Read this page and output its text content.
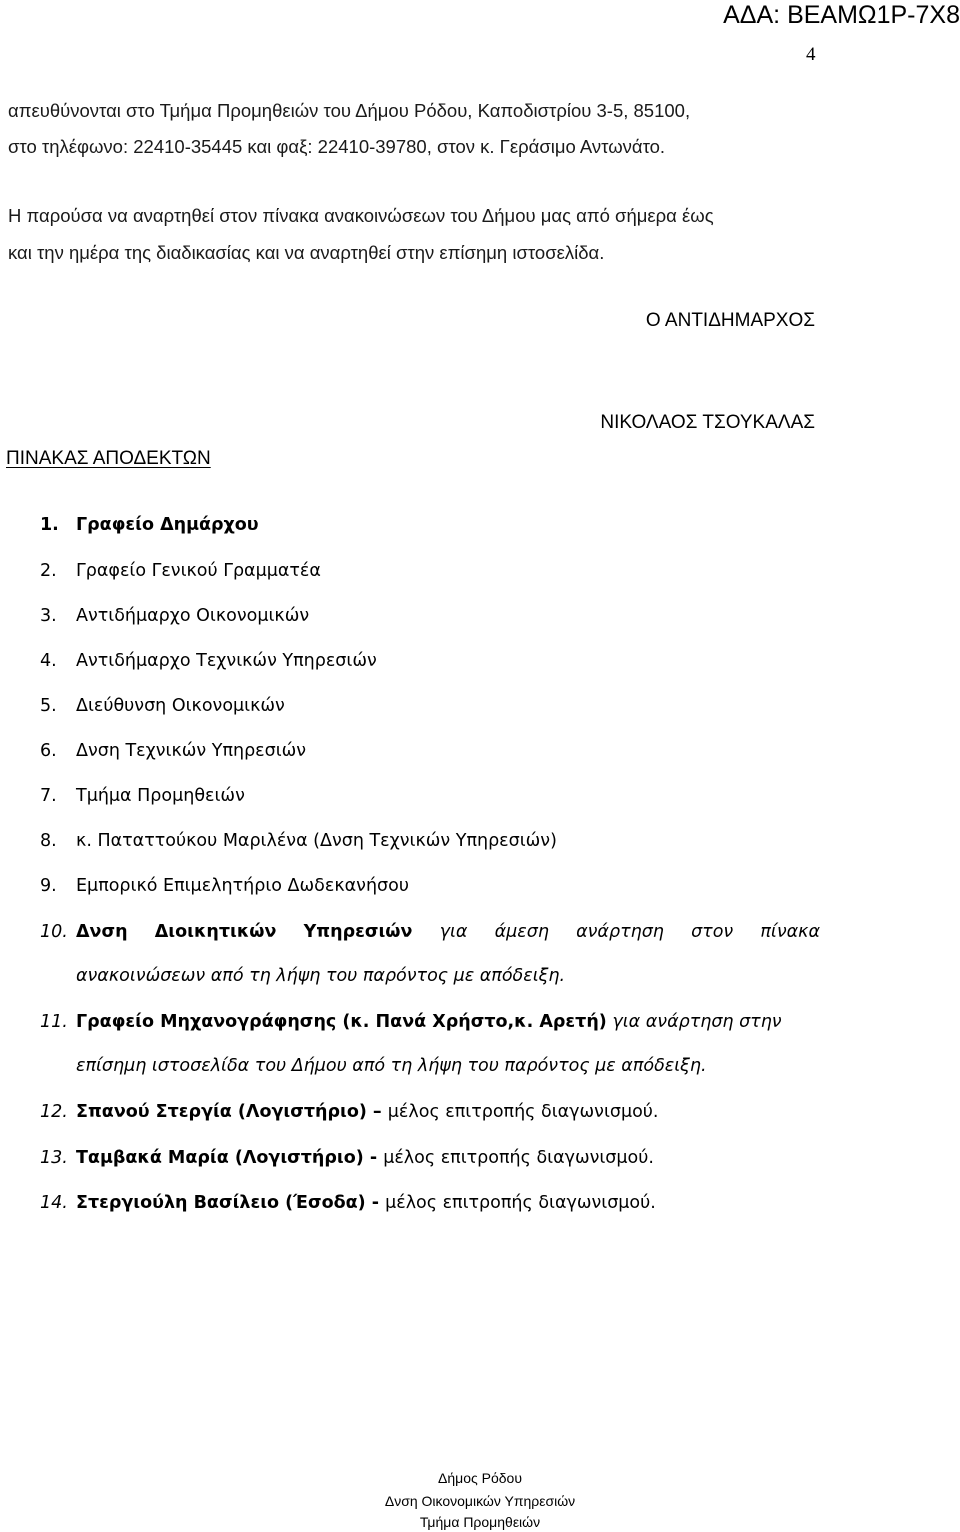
ΑΔΑ: ΒΕΑΜΩ1Ρ-7Χ8
4
απευθύνονται στο Τμήμα Προμηθειών του Δήμου Ρόδου, Καποδιστρίου 3-5, 85100,
στο τηλέφωνο: 22410-35445 και φαξ: 22410-39780, στον κ. Γεράσιμο Αντωνάτο.
Η παρούσα να αναρτηθεί στον πίνακα ανακοινώσεων του Δήμου μας από σήμερα έως
και την ημέρα της διαδικασίας και να αναρτηθεί στην επίσημη ιστοσελίδα.
Ο ΑΝΤΙΔΗΜΑΡΧΟΣ
ΝΙΚΟΛΑΟΣ ΤΣΟΥΚΑΛΑΣ
ΠΙΝΑΚΑΣ ΑΠΟΔΕΚΤΩΝ
1. Γραφείο Δημάρχου
2. Γραφείο Γενικού Γραμματέα
3. Αντιδήμαρχο Οικονομικών
4. Αντιδήμαρχο Τεχνικών Υπηρεσιών
5. Διεύθυνση Οικονομικών
6. Δνση Τεχνικών Υπηρεσιών
7. Τμήμα Προμηθειών
8. κ. Παταττούκου Μαριλένα (Δνση Τεχνικών Υπηρεσιών)
9. Εμπορικό Επιμελητήριο Δωδεκανήσου
10. Δνση Διοικητικών Υπηρεσιών για άμεση ανάρτηση στον πίνακα
ανακοινώσεων από τη λήψη του παρόντος με απόδειξη.
11. Γραφείο Μηχανογράφησης (κ. Πανά Χρήστο,κ. Αρετή) για ανάρτηση στην
επίσημη ιστοσελίδα του Δήμου από τη λήψη του παρόντος με απόδειξη.
12. Σπανού Στεργία (Λογιστήριο) – μέλος επιτροπής διαγωνισμού.
13. Ταμβακά Μαρία (Λογιστήριο) - μέλος επιτροπής διαγωνισμού.
14. Στεργιούλη Βασίλειο (Έσοδα) - μέλος επιτροπής διαγωνισμού.
Δήμος Ρόδου
Δνση Οικονομικών Υπηρεσιών
Τμήμα Προμηθειών
